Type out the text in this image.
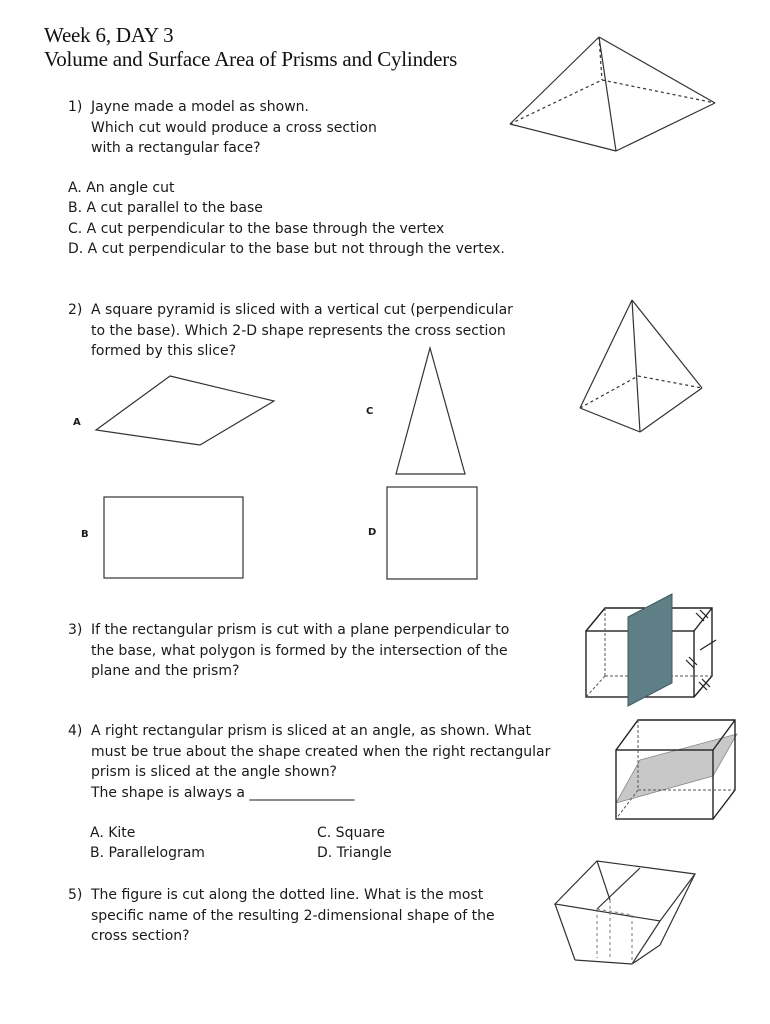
Week 6, DAY 3
Volume and Surface Area of Prisms and Cylinders
1) Jayne made a model as shown.
Which cut would produce a cross section
with a rectangular face?
A. An angle cut
B. A cut parallel to the base
C. A cut perpendicular to the base through the vertex
D. A cut perpendicular to the base but not through the vertex.
2) A square pyramid is sliced with a vertical cut (perpendicular
to the base). Which 2-D shape represents the cross section
formed by this slice?
A
B
C
D
3) If the rectangular prism is cut with a plane perpendicular to
the base, what polygon is formed by the intersection of the
plane and the prism?
4) A right rectangular prism is sliced at an angle, as shown. What
must be true about the shape created when the right rectangular
prism is sliced at the angle shown?
The shape is always a _______________
A. Kite
B. Parallelogram
C. Square
D. Triangle
5) The figure is cut along the dotted line. What is the most
specific name of the resulting 2-dimensional shape of the
cross section?
